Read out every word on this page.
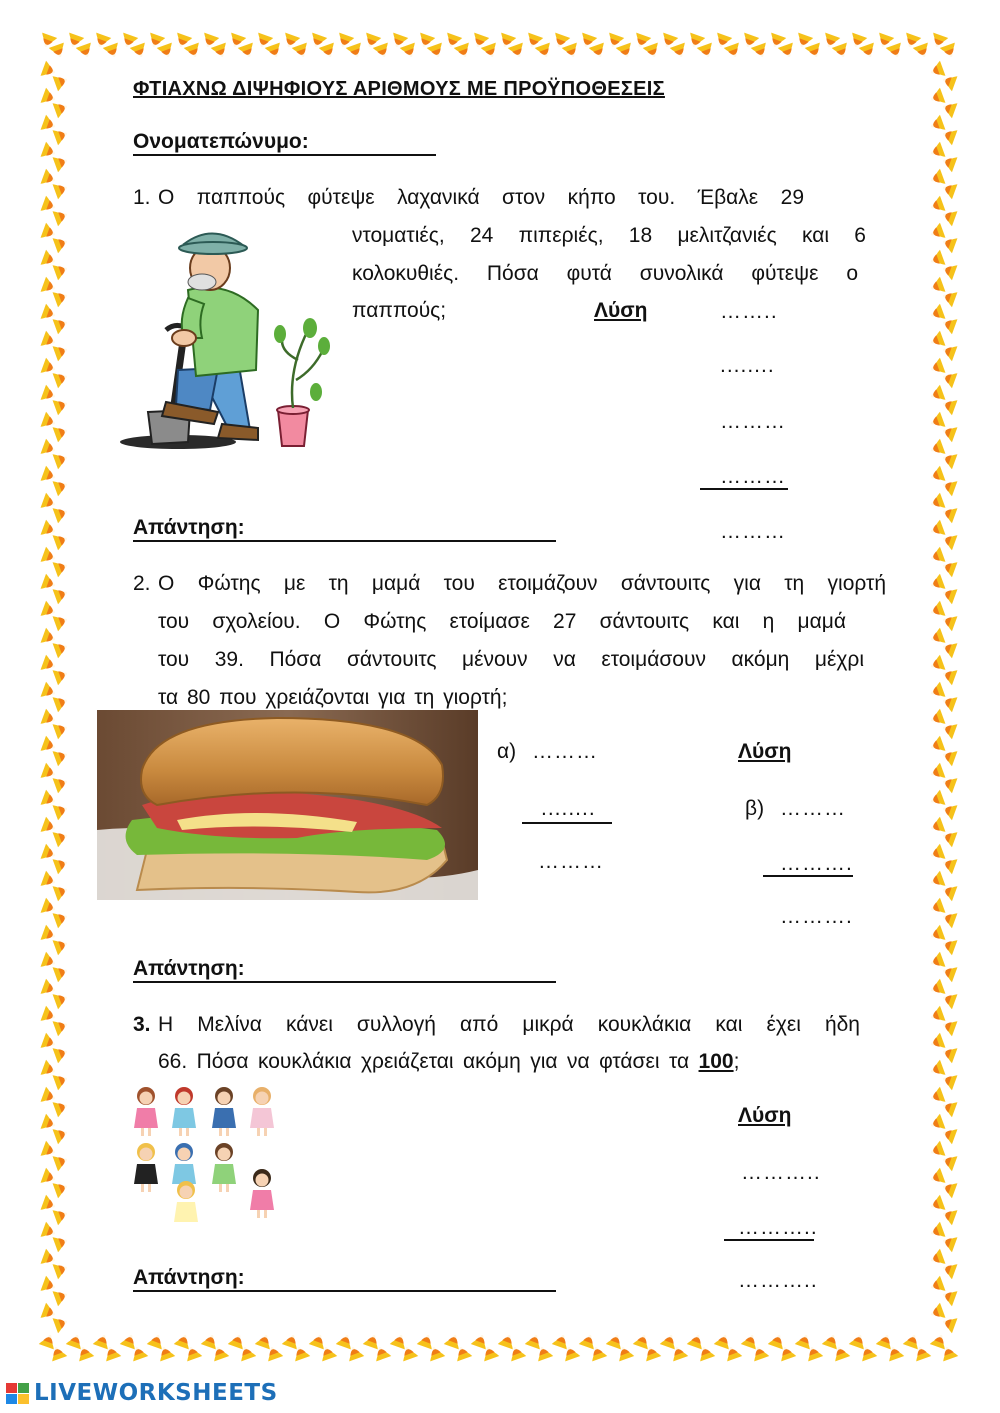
ΦΤΙΑΧΝΩ ΔΙΨΗΦΙΟΥΣ ΑΡΙΘΜΟΥΣ ΜΕ ΠΡΟΫΠΟΘΕΣΕΙΣ
Ονοματεπώνυμο:
1. Ο παππούς φύτεψε λαχανικά στον κήπο του. Έβαλε 29
ντοματιές, 24 πιπεριές, 18 μελιτζανιές και 6
κολοκυθιές. Πόσα φυτά συνολικά φύτεψε ο
παππούς;	Λύση	……..
........
………
………
………
Απάντηση:
2. Ο Φώτης με τη μαμά του ετοιμάζουν σάντουιτς για τη γιορτή
του σχολείου. Ο Φώτης ετοίμασε 27 σάντουιτς και η μαμά
του 39. Πόσα σάντουιτς μένουν να ετοιμάσουν ακόμη μέχρι
τα 80 που χρειάζονται για τη γιορτή;
α) ………
........
………
Λύση
β) ………
……….
……….
Απάντηση:
3. Η Μελίνα κάνει συλλογή από μικρά κουκλάκια και έχει ήδη
66. Πόσα κουκλάκια χρειάζεται ακόμη για να φτάσει τα 100;
Λύση
………..
………..
………..
Απάντηση:
LIVEWORKSHEETS
